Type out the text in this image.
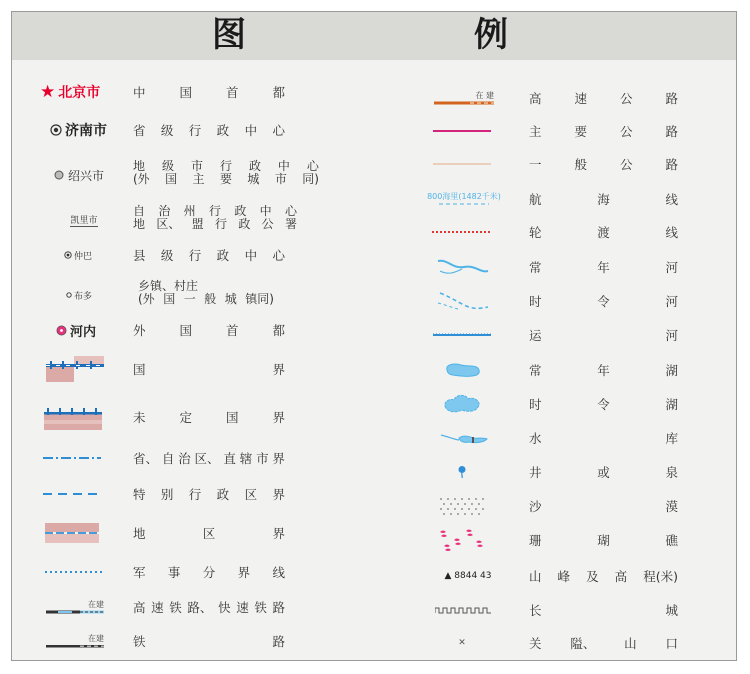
图	例
★ 北京市	中	国	首	都
济南市 省 级 行 政 中 心
绍兴市
地 级 市 行 政 中 心
(外 国 主 要 城 市 同)
凯里市
自 治 州 行 政 中 心
地 区、 盟 行 政 公 署
仲巴	县 级 行 政 中 心
布多
乡镇、村庄
(外 国 一 般 城 镇同)
河内	外	国	首	都
国	界
未	定	国	界
省、 自 治 区、 直 辖 市 界
特 别 行 政 区 界
地	区	界
军 事 分 界 线
在建 高 速 铁 路、 快 速 铁 路
在建 铁	路
在 建	高	速	公	路
主	要	公	路
一	般	公	路
800海里(1482千米) 航	海	线
轮	渡	线
常	年	河
时	令	河
运	河
常	年	湖
时	令	湖
水	库
井	或	泉
沙	漠
珊	瑚	礁
▲ 8844 43	山 峰 及 高 程(米)
长	城
✕	关 隘、 山 口
